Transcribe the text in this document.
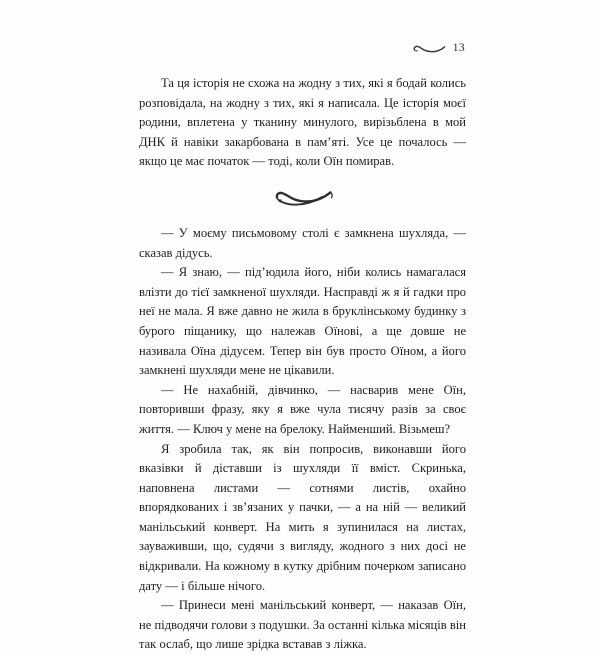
13

Та ця історія не схожа на жодну з тих, які я бодай колись розповідала, на жодну з тих, які я написала. Це історія моєї родини, вплетена у тканину минулого, вирізьблена в мой ДНК й навіки закарбована в пам’яті. Усе це почалось — якщо це має початок — тоді, коли Оїн помирав.

— У моєму письмовому столі є замкнена шухляда, — сказав дідусь.

— Я знаю, — під’юдила його, ніби колись намагалася влізти до тієї замкненої шухляди. Насправді ж я й гадки про неї не мала. Я вже давно не жила в бруклінському будинку з бурого піщанику, що належав Оїнові, а ще довше не називала Оїна дідусем. Тепер він був просто Оїном, а його замкнені шухляди мене не цікавили.

— Не нахабній, дівчинко, — насварив мене Оїн, повторивши фразу, яку я вже чула тисячу разів за своє життя. — Ключ у мене на брелоку. Найменший. Візьмеш?

Я зробила так, як він попросив, виконавши його вказівки й діставши із шухляди її вміст. Скринька, наповнена листами — сотнями листів, охайно впорядкованих і зв’язаних у пачки, — а на ній — великий манільський конверт. На мить я зупинилася на листах, зауваживши, що, судячи з вигляду, жодного з них досі не відкривали. На кожному в кутку дрібним почерком записано дату — і більше нічого.

— Принеси мені манільський конверт, — наказав Оїн, не підводячи голови з подушки. За останні кілька місяців він так ослаб, що лише зрідка вставав з ліжка.
